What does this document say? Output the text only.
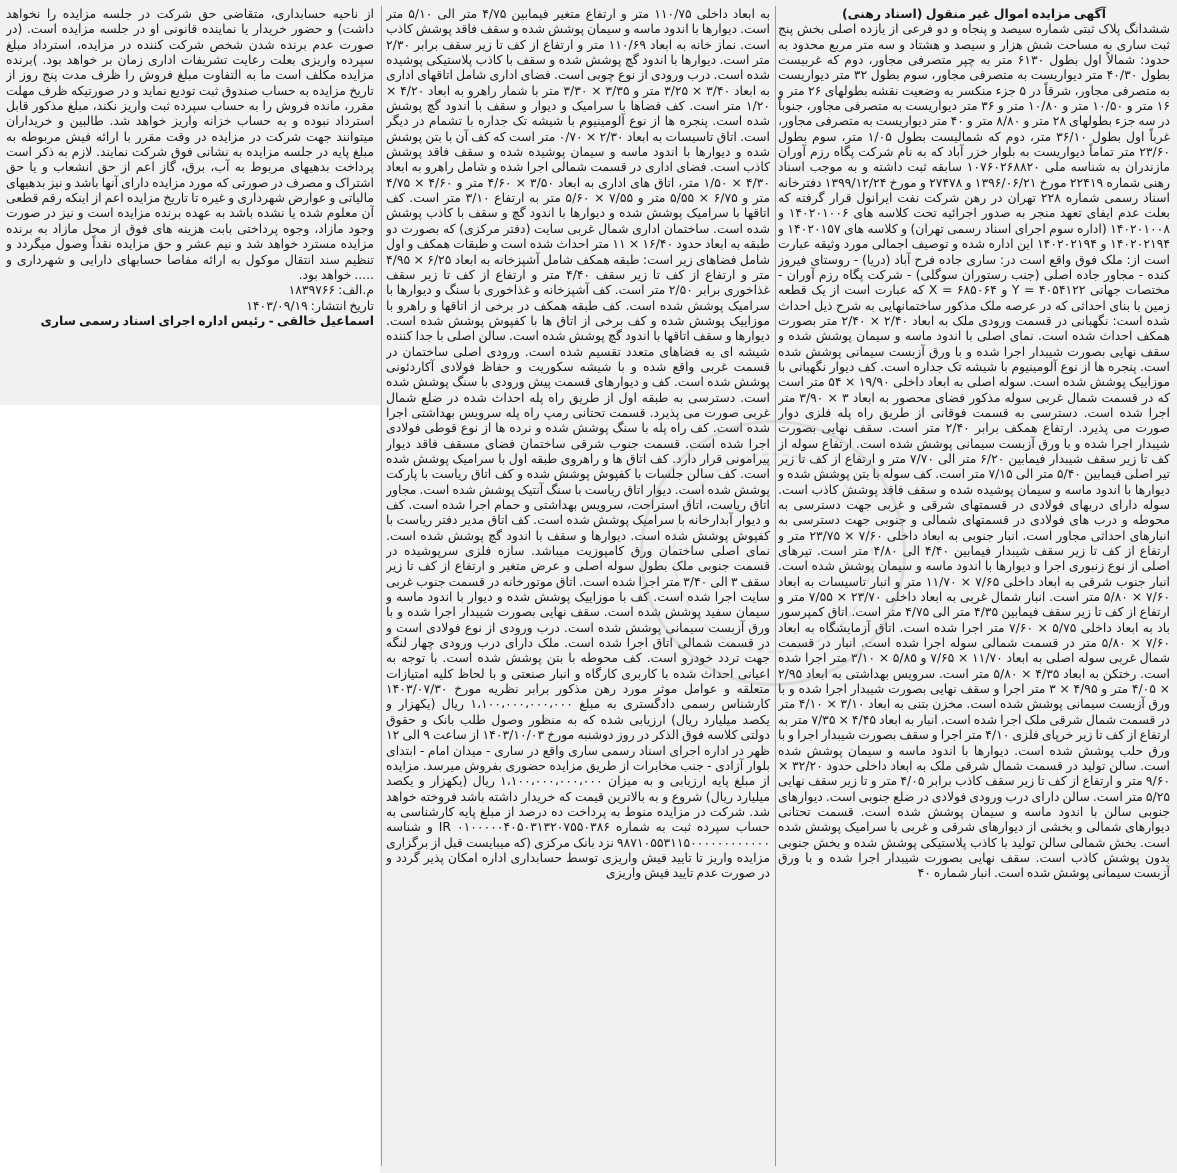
آگهی مزایده اموال غیر منقول (اسناد رهنی)

ششدانگ پلاک ثبتی شماره سیصد و پنجاه و دو فرعی از یازده اصلی بخش پنج ثبت ساری به مساحت شش هزار و سیصد و هشتاد و سه متر مربع محدود به حدود: شمالاً اول بطول ۶۱۳۰ متر به چپر متصرفی مجاور، دوم که غربیست بطول ۴۰/۳۰ متر دیواریست به متصرفی مجاور، سوم بطول ۳۲ متر دیواریست به متصرفی مجاور، شرقاً در ۵ جزء منکسر به وضعیت نقشه بطولهای ۲۶ متر و ۱۶ متر و ۱۰/۵۰ متر و ۱۰/۸۰ متر و ۳۶ متر دیواریست به متصرفی مجاور، جنوباً در سه جزء بطولهای ۲۸ متر و ۸/۸۰ متر و ۴۰ متر دیواریست به متصرفی مجاور، غرباً اول بطول ۳۶/۱۰ متر، دوم که شمالیست بطول ۱/۰۵ متر، سوم بطول ۲۳/۶۰ متر تماماً دیواریست به بلوار خزر آباد که به نام شرکت پگاه رزم آوران مازندران به شناسه ملی ۱۰۷۶۰۲۶۸۸۲۰ سابقه ثبت داشته و به موجب اسناد رهنی شماره ۲۲۴۱۹ مورخ ۱۳۹۶/۰۶/۲۱ و ۲۷۴۷۸ و مورخ ۱۳۹۹/۱۲/۲۴ دفترخانه اسناد رسمی شماره ۲۲۸ تهران در رهن شرکت نفت ایرانول قرار گرفته که بعلت عدم ایفای تعهد منجر به صدور اجرائیه تحت کلاسه های ۱۴۰۲۰۱۰۰۶ و ۱۴۰۲۰۱۰۰۸ (اداره سوم اجرای اسناد رسمی تهران) و کلاسه های ۱۴۰۲۰۱۵۷ و ۱۴۰۲۰۲۱۹۴ و ۱۴۰۲۰۲۱۹۴ این اداره شده و توصیف اجمالی مورد وثیقه عبارت است از: ملک فوق واقع است در: ساری جاده فرح آباد (دریا) - روستای فیروز کنده - مجاور جاده اصلی (جنب رستوران سوگلی) - شرکت پگاه رزم آوران - مختصات جهانی ۴۰۵۴۱۲۲ = Y و ۶۸۵۰۶۴ = X که عبارت است از یک قطعه زمین با بنای احداثی که در عرصه ملک مذکور ساختمانهایی به شرح ذیل احداث شده است: نگهبانی در قسمت ورودی ملک به ابعاد ۲/۴۰ × ۲/۴۰ متر بصورت همکف احداث شده است. نمای اصلی با اندود ماسه و سیمان پوشش شده و سقف نهایی بصورت شیبدار اجرا شده و با ورق آزبست سیمانی پوشش شده است. پنجره ها از نوع آلومینیوم با شیشه تک جداره است. کف دیوار نگهبانی با موزاییک پوشش شده است. سوله اصلی به ابعاد داخلی ۱۹/۹۰ × ۵۴ متر است که در قسمت شمال غربی سوله مذکور فضای محصور به ابعاد ۳ × ۳/۹۰ متر اجرا شده است. دسترسی به قسمت فوقانی از طریق راه پله فلزی دوار صورت می پذیرد. ارتفاع همکف برابر ۲/۴۰ متر است. سقف نهایی بصورت شیبدار اجرا شده و با ورق آزبست سیمانی پوشش شده است. ارتفاع سوله از کف تا زیر سقف شیبدار فیمابین ۶/۲۰ متر الی ۷/۷۰ متر و ارتفاع از کف تا زیر تیر اصلی فیمابین ۵/۴۰ متر الی ۷/۱۵ متر است. کف سوله با بتن پوشش شده و دیوارها با اندود ماسه و سیمان پوشیده شده و سقف فاقد پوشش کاذب است. سوله دارای دربهای فولادی در قسمتهای شرقی و غربی جهت دسترسی به محوطه و درب های فولادی در قسمتهای شمالی و جنوبی جهت دسترسی به انبارهای احداثی مجاور است. انبار جنوبی به ابعاد داخلی ۷/۶۰ × ۲۳/۷۵ متر و ارتفاع از کف تا زیر سقف شیبدار فیمابین ۴/۴۰ الی ۴/۸۰ متر است. تیرهای اصلی از نوع زنبوری اجرا و دیوارها با اندود ماسه و سیمان پوشش شده است. انبار جنوب شرقی به ابعاد داخلی ۷/۶۵ × ۱۱/۷۰ متر و انبار تاسیسات به ابعاد ۷/۶۰ × ۵/۸۰ متر است. انبار شمال غربی به ابعاد داخلی ۲۳/۷۰ × ۷/۵۵ متر و ارتفاع از کف تا زیر سقف فیمابین ۴/۳۵ متر الی ۴/۷۵ متر است. اتاق کمپرسور باد به ابعاد داخلی ۵/۷۵ × ۷/۶۰ متر اجرا شده است. اتاق آزمایشگاه به ابعاد ۷/۶۰ × ۵/۸۰ متر در قسمت شمالی سوله اجرا شده است. انبار در قسمت شمال غربی سوله اصلی به ابعاد ۱۱/۷۰ × ۷/۶۵ و ۵/۸۵ × ۳/۱۰ متر اجرا شده است. رختکن به ابعاد ۴/۳۵ × ۵/۸۰ متر است. سرویس بهداشتی به ابعاد ۲/۹۵ × ۴/۰۵ متر و ۴/۹۵ × ۳ متر اجرا و سقف نهایی بصورت شیبدار اجرا شده و با ورق آزبست سیمانی پوشش شده است. مخزن بتنی به ابعاد ۳/۱۰ × ۴/۱۰ متر در قسمت شمال شرقی ملک اجرا شده است. انبار به ابعاد ۴/۴۵ × ۷/۳۵ متر به ارتفاع از کف تا زیر خرپای فلزی ۴/۱۰ متر اجرا و سقف بصورت شیبدار اجرا و با ورق حلب پوشش شده است. دیوارها با اندود ماسه و سیمان پوشش شده است. سالن تولید در قسمت شمال شرقی ملک به ابعاد داخلی حدود ۳۲/۲۰ × ۹/۶۰ متر و ارتفاع از کف تا زیر سقف کاذب برابر ۴/۰۵ متر و تا زیر سقف نهایی ۵/۲۵ متر است. سالن دارای درب ورودی فولادی در ضلع جنوبی است. دیوارهای جنوبی سالن با اندود ماسه و سیمان پوشش شده است. قسمت تحتانی دیوارهای شمالی و بخشی از دیوارهای شرقی و غربی با سرامیک پوشش شده است. بخش شمالی سالن تولید با کاذب پلاستیکی پوشش شده و بخش جنوبی بدون پوشش کاذب است. سقف نهایی بصورت شیبدار اجرا شده و با ورق آزبست سیمانی پوشش شده است. انبار شماره ۴۰

به ابعاد داخلی ۱۱۰/۷۵ متر و ارتفاع متغیر فیمابین ۴/۷۵ متر الی ۵/۱۰ متر است. دیوارها با اندود ماسه و سیمان پوشش شده و سقف فاقد پوشش کاذب است. نماز خانه به ابعاد ۱۱۰/۶۹ متر و ارتفاع از کف تا زیر سقف برابر ۲/۳۰ متر است. دیوارها با اندود گچ پوشش شده و سقف با کاذب پلاستیکی پوشیده شده است. درب ورودی از نوع چوبی است. فضای اداری شامل اتاقهای اداری به ابعاد ۳/۴۰ × ۳/۲۵ متر و ۳/۳۵ × ۳/۳۰ متر با شمار راهرو به ابعاد ۴/۲۰ × ۱/۲۰ متر است. کف فضاها با سرامیک و دیوار و سقف با اندود گچ پوشش شده است. پنجره ها از نوع آلومینیوم با شیشه تک جداره با تشمام در دیگر است. اتاق تاسیسات به ابعاد ۲/۳۰ × ۰/۷۰ متر است که کف آن با بتن پوشش شده و دیوارها با اندود ماسه و سیمان پوشیده شده و سقف فاقد پوشش کاذب است. فضای اداری در قسمت شمالی اجرا شده و شامل راهرو به ابعاد ۴/۳۰ × ۱/۵۰ متر، اتاق های اداری به ابعاد ۳/۵۰ × ۴/۶۰ متر و ۴/۶۰ × ۴/۷۵ متر و ۶/۷۵ × ۵/۵۵ متر و ۷/۵۵ × ۵/۶۰ متر به ارتفاع ۳/۱۰ متر است. کف اتاقها با سرامیک پوشش شده و دیوارها با اندود گچ و سقف با کاذب پوشش شده است. ساختمان اداری شمال غربی سایت (دفتر مرکزی) که بصورت دو طبقه به ابعاد حدود ۱۶/۴۰ × ۱۱ متر احداث شده است و طبقات همکف و اول شامل فضاهای زیر است: طبقه همکف شامل آشپزخانه به ابعاد ۶/۲۵ × ۴/۹۵ متر و ارتفاع از کف تا زیر سقف ۴/۴۰ متر و ارتفاع از کف تا زیر سقف غذاخوری برابر ۲/۵۰ متر است. کف آشپزخانه و غذاخوری با سنگ و دیوارها با سرامیک پوشش شده است. کف طبقه همکف در برخی از اتاقها و راهرو با موزاییک پوشش شده و کف برخی از اتاق ها با کفپوش پوشش شده است. دیوارها و سقف اتاقها با اندود گچ پوشش شده است. سالن اصلی با جدا کننده شیشه ای به فضاهای متعدد تقسیم شده است. ورودی اصلی ساختمان در قسمت غربی واقع شده و با شیشه سکوریت و حفاظ فولادی آکاردئونی پوشش شده است. کف و دیوارهای قسمت پیش ورودی با سنگ پوشش شده است. دسترسی به طبقه اول از طریق راه پله احداث شده در ضلع شمال غربی صورت می پذیرد. قسمت تحتانی رمپ راه پله سرویس بهداشتی اجرا شده است. کف راه پله با سنگ پوشش شده و نرده ها از نوع قوطی فولادی اجرا شده است. قسمت جنوب شرقی ساختمان فضای مسقف فاقد دیوار پیرامونی قرار دارد. کف اتاق ها و راهروی طبقه اول با سرامیک پوشش شده است. کف سالن جلسات با کفپوش پوشش شده و کف اتاق ریاست با پارکت پوشش شده است. دیوار اتاق ریاست با سنگ آنتیک پوشش شده است. مجاور اتاق ریاست، اتاق استراحت، سرویس بهداشتی و حمام اجرا شده است. کف و دیوار آبدارخانه با سرامیک پوشش شده است. کف اتاق مدیر دفتر ریاست با کفپوش پوشش شده است. دیوارها و سقف با اندود گچ پوشش شده است. نمای اصلی ساختمان ورق کامپوزیت میباشد. سازه فلزی سرپوشیده در قسمت جنوبی ملک بطول سوله اصلی و عرض متغیر و ارتفاع از کف تا زیر سقف ۳ الی ۳/۴۰ متر اجرا شده است. اتاق موتورخانه در قسمت جنوب غربی سایت اجرا شده است. کف با موزاییک پوشش شده و دیوار با اندود ماسه و سیمان سفید پوشش شده است. سقف نهایی بصورت شیبدار اجرا شده و با ورق آزبست سیمانی پوشش شده است. درب ورودی از نوع فولادی است و در قسمت شمالی اتاق اجرا شده است. ملک دارای درب ورودی چهار لنگه جهت تردد خودرو است. کف محوطه با بتن پوشش شده است. با توجه به اعیانی احداث شده با کاربری کارگاه و انبار صنعتی و با لحاظ کلیه امتیازات متعلقه و عوامل موثر مورد رهن مذکور برابر نظریه مورخ ۱۴۰۳/۰۷/۳۰ کارشناس رسمی دادگستری به مبلغ ۱،۱۰۰،۰۰۰،۰۰۰،۰۰۰ ریال (یکهزار و یکصد میلیارد ریال) ارزیابی شده که به منظور وصول طلب بانک و حقوق دولتی کلاسه فوق الذکر در روز دوشنبه مورخ ۱۴۰۳/۱۰/۰۳ از ساعت ۹ الی ۱۲ ظهر در اداره اجرای اسناد رسمی ساری واقع در ساری - میدان امام - ابتدای بلوار آزادی - جنب مخابرات از طریق مزایده حضوری بفروش میرسد. مزایده از مبلغ پایه ارزیابی و به میزان ۱،۱۰۰،۰۰۰،۰۰۰،۰۰۰ ریال (یکهزار و یکصد میلیارد ریال) شروع و به بالاترین قیمت که خریدار داشته باشد فروخته خواهد شد. شرکت در مزایده منوط به پرداخت ده درصد از مبلغ پایه کارشناسی به حساب سپرده ثبت به شماره ۰۱۰۰۰۰۰۴۰۵۰۳۱۳۲۰۷۵۵۰۳۸۶ IR و شناسه ۹۸۷۱۰۵۵۳۱۱۵۰۰۰۰۰۰۰۰۰۰۰۰ نزد بانک مرکزی (که میبایست قبل از برگزاری مزایده واریز تا تایید فیش واریزی توسط حسابداری اداره امکان پذیر گردد و در صورت عدم تایید فیش واریزی

از ناحیه حسابداری، متقاضی حق شرکت در جلسه مزایده را نخواهد داشت) و حضور خریدار یا نماینده قانونی او در جلسه مزایده است. (در صورت عدم برنده شدن شخص شرکت کننده در مزایده، استرداد مبلغ سپرده واریزی بعلت رعایت تشریفات اداری زمان بر خواهد بود. )برنده مزایده مکلف است ما به التفاوت مبلغ فروش را ظرف مدت پنج روز از تاریخ مزایده به حساب صندوق ثبت توديع نماید و در صورتیکه ظرف مهلت مقرر، مانده فروش را به حساب سپرده ثبت واریز نکند، مبلغ مذکور قابل استرداد نبوده و به حساب خزانه واریز خواهد شد. طالبین و خریداران میتوانند جهت شرکت در مزایده در وقت مقرر با ارائه فیش مربوطه به مبلغ پایه در جلسه مزایده به نشانی فوق شرکت نمایند. لازم به ذکر است پرداخت بدهیهای مربوط به آب، برق، گاز اعم از حق انشعاب و یا حق اشتراک و مصرف در صورتی که مورد مزایده دارای آنها باشد و نیز بدهیهای مالیاتی و عوارض شهرداری و غیره تا تاریخ مزایده اعم از اینکه رقم قطعی آن معلوم شده یا نشده باشد به عهده برنده مزایده است و نیز در صورت وجود مازاد، وجوه پرداختی بابت هزینه های فوق از محل مازاد به برنده مزایده مسترد خواهد شد و نیم عشر و حق مزایده نقداً وصول میگردد و تنظیم سند انتقال موکول به ارائه مفاصا حسابهای دارایی و شهرداری و ..... خواهد بود.

م.الف: ۱۸۳۹۷۶۶

تاریخ انتشار: ۱۴۰۳/۰۹/۱۹

اسماعیل خالقی - رئیس اداره اجرای اسناد رسمی ساری
